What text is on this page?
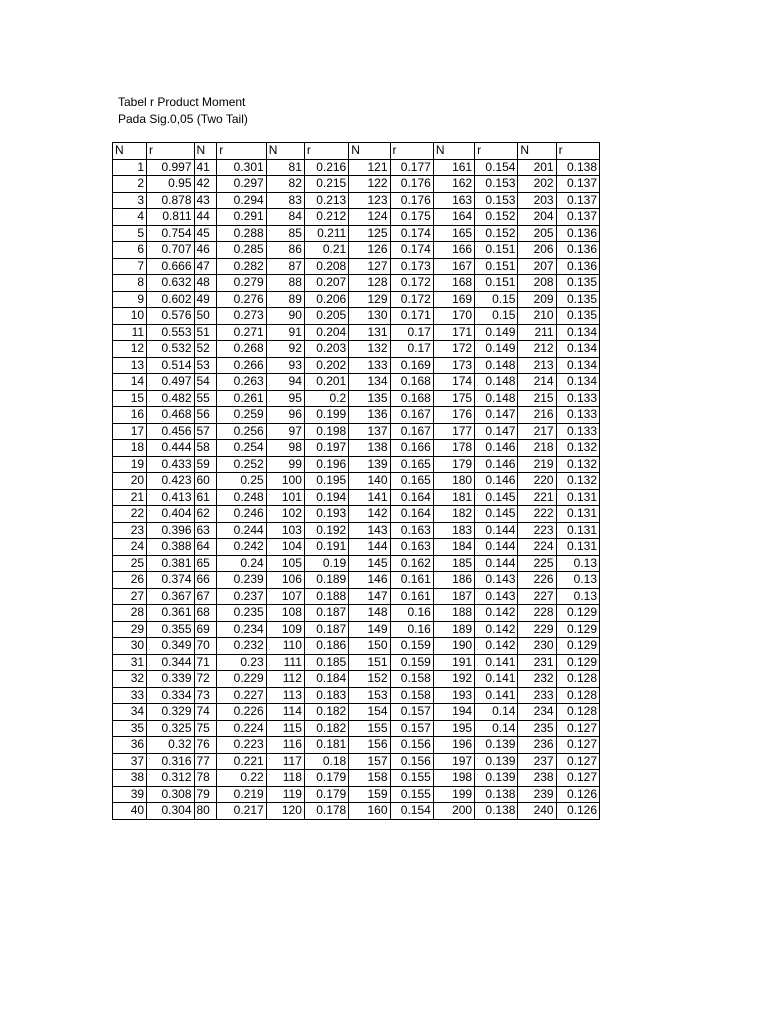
Tabel r Product Moment
Pada Sig.0,05 (Two Tail)
N	r	N	r	N	r	N	r	N	r	N	r
1	0.997	41	0.301	81	0.216	121	0.177	161	0.154	201	0.138
2	0.95	42	0.297	82	0.215	122	0.176	162	0.153	202	0.137
3	0.878	43	0.294	83	0.213	123	0.176	163	0.153	203	0.137
4	0.811	44	0.291	84	0.212	124	0.175	164	0.152	204	0.137
5	0.754	45	0.288	85	0.211	125	0.174	165	0.152	205	0.136
6	0.707	46	0.285	86	0.21	126	0.174	166	0.151	206	0.136
7	0.666	47	0.282	87	0.208	127	0.173	167	0.151	207	0.136
8	0.632	48	0.279	88	0.207	128	0.172	168	0.151	208	0.135
9	0.602	49	0.276	89	0.206	129	0.172	169	0.15	209	0.135
10	0.576	50	0.273	90	0.205	130	0.171	170	0.15	210	0.135
11	0.553	51	0.271	91	0.204	131	0.17	171	0.149	211	0.134
12	0.532	52	0.268	92	0.203	132	0.17	172	0.149	212	0.134
13	0.514	53	0.266	93	0.202	133	0.169	173	0.148	213	0.134
14	0.497	54	0.263	94	0.201	134	0.168	174	0.148	214	0.134
15	0.482	55	0.261	95	0.2	135	0.168	175	0.148	215	0.133
16	0.468	56	0.259	96	0.199	136	0.167	176	0.147	216	0.133
17	0.456	57	0.256	97	0.198	137	0.167	177	0.147	217	0.133
18	0.444	58	0.254	98	0.197	138	0.166	178	0.146	218	0.132
19	0.433	59	0.252	99	0.196	139	0.165	179	0.146	219	0.132
20	0.423	60	0.25	100	0.195	140	0.165	180	0.146	220	0.132
21	0.413	61	0.248	101	0.194	141	0.164	181	0.145	221	0.131
22	0.404	62	0.246	102	0.193	142	0.164	182	0.145	222	0.131
23	0.396	63	0.244	103	0.192	143	0.163	183	0.144	223	0.131
24	0.388	64	0.242	104	0.191	144	0.163	184	0.144	224	0.131
25	0.381	65	0.24	105	0.19	145	0.162	185	0.144	225	0.13
26	0.374	66	0.239	106	0.189	146	0.161	186	0.143	226	0.13
27	0.367	67	0.237	107	0.188	147	0.161	187	0.143	227	0.13
28	0.361	68	0.235	108	0.187	148	0.16	188	0.142	228	0.129
29	0.355	69	0.234	109	0.187	149	0.16	189	0.142	229	0.129
30	0.349	70	0.232	110	0.186	150	0.159	190	0.142	230	0.129
31	0.344	71	0.23	111	0.185	151	0.159	191	0.141	231	0.129
32	0.339	72	0.229	112	0.184	152	0.158	192	0.141	232	0.128
33	0.334	73	0.227	113	0.183	153	0.158	193	0.141	233	0.128
34	0.329	74	0.226	114	0.182	154	0.157	194	0.14	234	0.128
35	0.325	75	0.224	115	0.182	155	0.157	195	0.14	235	0.127
36	0.32	76	0.223	116	0.181	156	0.156	196	0.139	236	0.127
37	0.316	77	0.221	117	0.18	157	0.156	197	0.139	237	0.127
38	0.312	78	0.22	118	0.179	158	0.155	198	0.139	238	0.127
39	0.308	79	0.219	119	0.179	159	0.155	199	0.138	239	0.126
40	0.304	80	0.217	120	0.178	160	0.154	200	0.138	240	0.126
